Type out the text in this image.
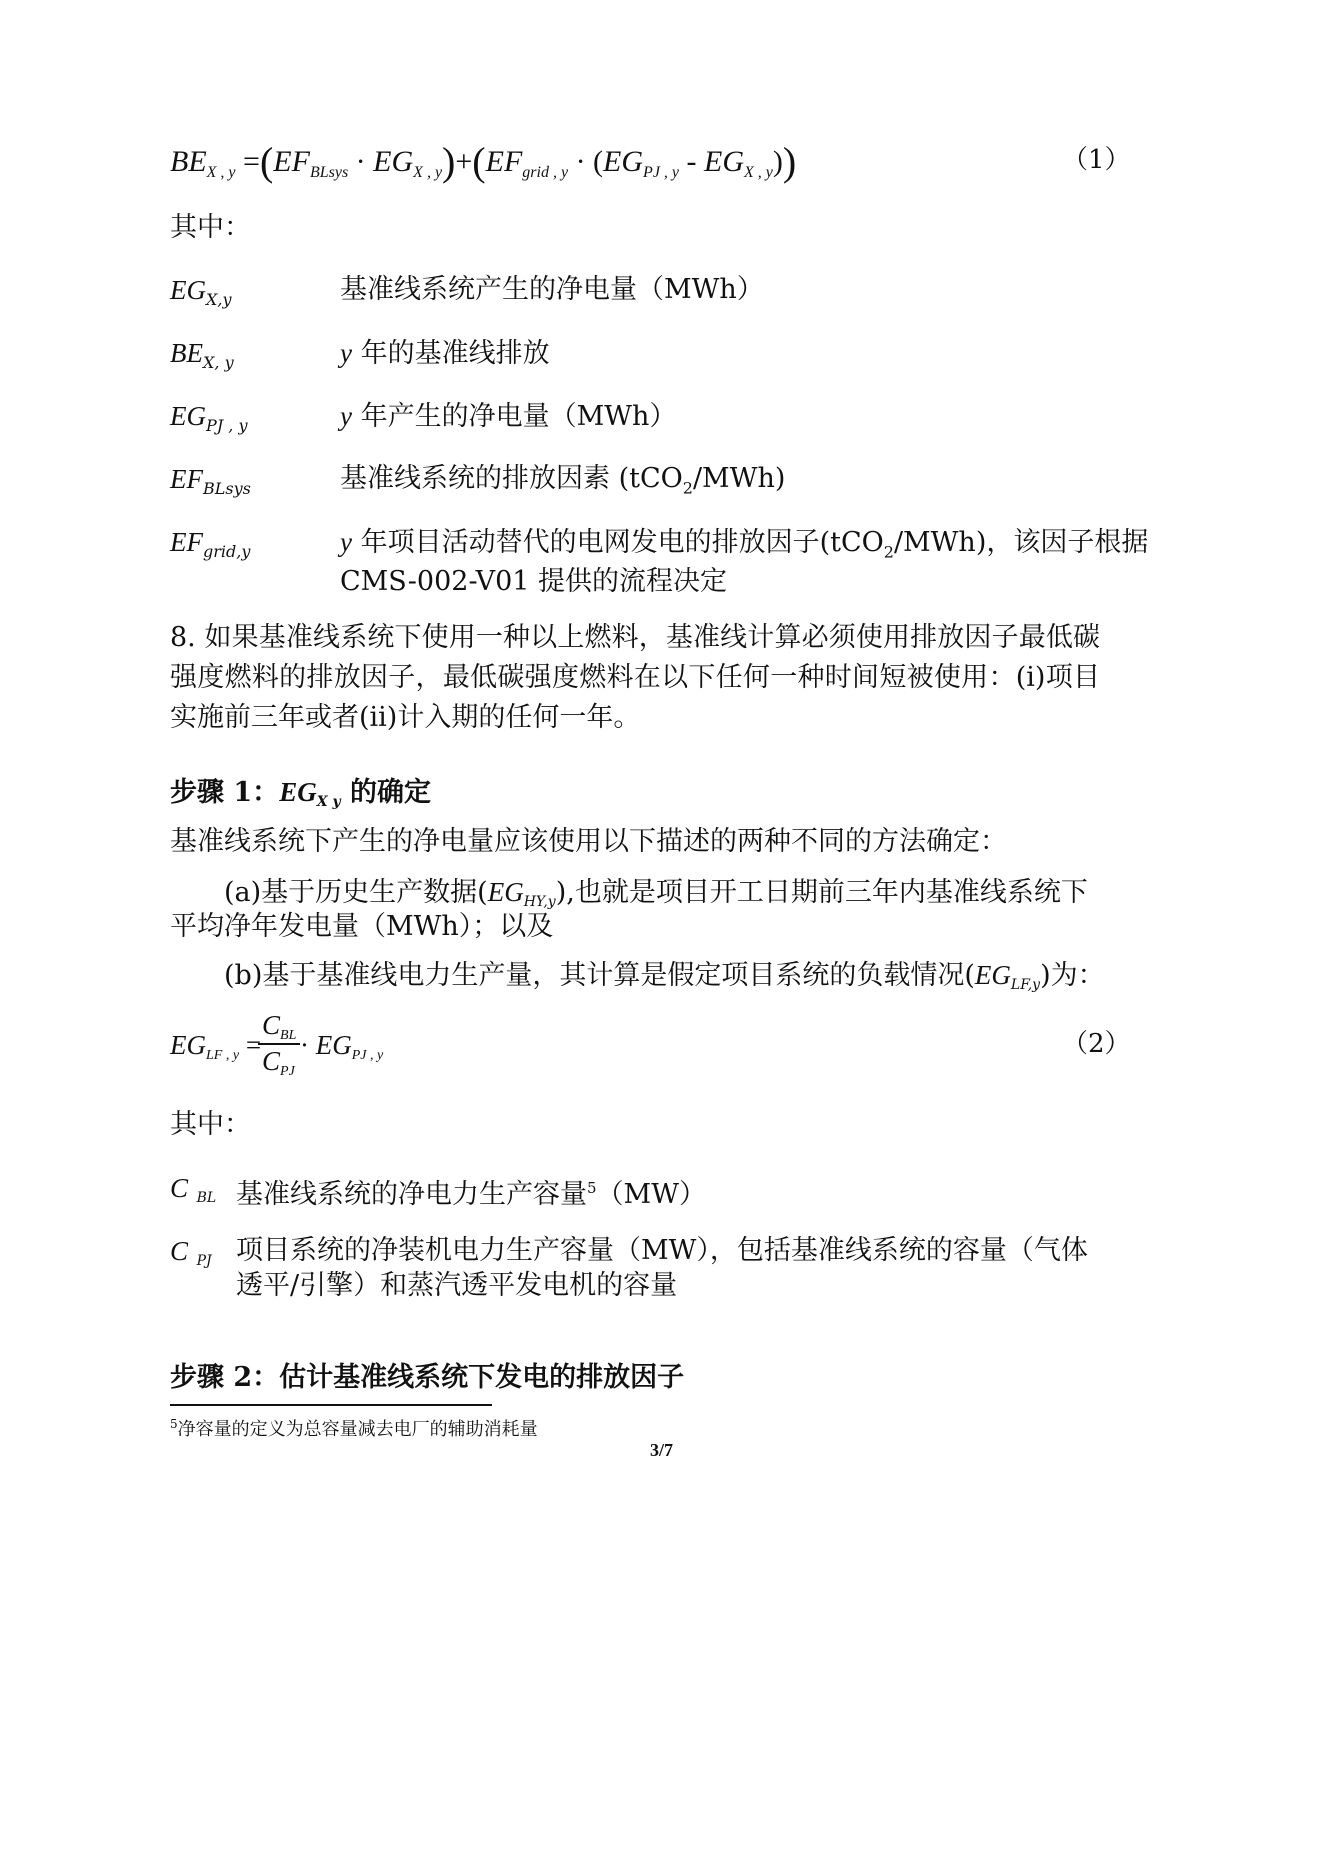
$BE_{X , y} =(EF_{BLsys} \cdot EG_{X , y})+(EF_{grid , y} \cdot (EG_{PJ , y} - EG_{X , y}))$	（1）
其中：
$EG_{X,y}$	基准线系统产生的净电量（MWh）
$BE_{X, y}$	y 年的基准线排放
$EG_{PJ , y}$	y 年产生的净电量（MWh）
$EF_{BLsys}$	基准线系统的排放因素 (tCO$_2$/MWh)
$EF_{grid,y}$	y 年项目活动替代的电网发电的排放因子(tCO$_2$/MWh)，该因子根据
CMS-002-V01 提供的流程决定
8. 如果基准线系统下使用一种以上燃料，基准线计算必须使用排放因子最低碳强度燃料的排放因子，最低碳强度燃料在以下任何一种时间短被使用：(i)项目实施前三年或者(ii)计入期的任何一年。
步骤 1：$EG_{X y}$ 的确定
基准线系统下产生的净电量应该使用以下描述的两种不同的方法确定：
(a)基于历史生产数据$(EG_{HY,y})$,也就是项目开工日期前三年内基准线系统下
平均净年发电量（MWh）；以及
(b)基于基准线电力生产量，其计算是假定项目系统的负载情况$(EG_{LF,y})$为：
$EG_{LF , y}$ =
$C_{BL}$
$C_{PJ}$
· $EG_{PJ , y}$	（2）
其中：
C $_{BL}$ 基准线系统的净电力生产容量$^5$（MW）
C $_{PJ}$ 项目系统的净装机电力生产容量（MW），包括基准线系统的容量（气体
透平/引擎）和蒸汽透平发电机的容量
步骤 2：估计基准线系统下发电的排放因子
$^5$净容量的定义为总容量减去电厂的辅助消耗量
3/7
